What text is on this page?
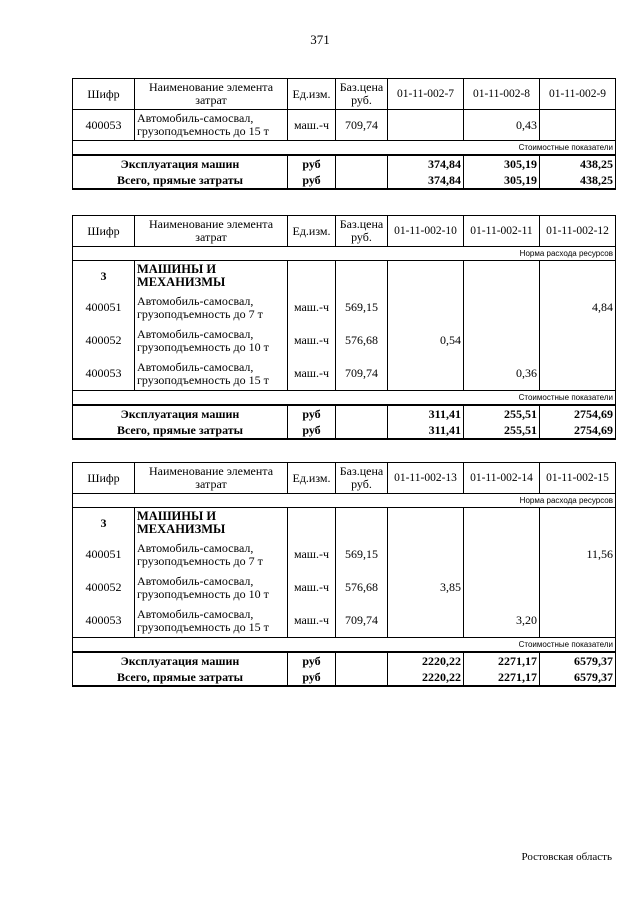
371
Шифр	Наименование элемента затрат	Ед.изм.	Баз.цена руб.	01-11-002-7	01-11-002-8	01-11-002-9
400053	Автомобиль-самосвал, грузоподъемность до 15 т	маш.-ч	709,74		0,43	
Стоимостные показатели						
Эксплуатация машин		руб		374,84	305,19	438,25
Всего, прямые затраты		руб		374,84	305,19	438,25
Шифр	Наименование элемента затрат	Ед.изм.	Баз.цена руб.	01-11-002-10	01-11-002-11	01-11-002-12
Норма расхода ресурсов						
3	МАШИНЫ И МЕХАНИЗМЫ					
400051	Автомобиль-самосвал, грузоподъемность до 7 т	маш.-ч	569,15			4,84
400052	Автомобиль-самосвал, грузоподъемность до 10 т	маш.-ч	576,68	0,54		
400053	Автомобиль-самосвал, грузоподъемность до 15 т	маш.-ч	709,74		0,36	
Стоимостные показатели						
Эксплуатация машин		руб		311,41	255,51	2754,69
Всего, прямые затраты		руб		311,41	255,51	2754,69
Шифр	Наименование элемента затрат	Ед.изм.	Баз.цена руб.	01-11-002-13	01-11-002-14	01-11-002-15
Норма расхода ресурсов						
3	МАШИНЫ И МЕХАНИЗМЫ					
400051	Автомобиль-самосвал, грузоподъемность до 7 т	маш.-ч	569,15			11,56
400052	Автомобиль-самосвал, грузоподъемность до 10 т	маш.-ч	576,68	3,85		
400053	Автомобиль-самосвал, грузоподъемность до 15 т	маш.-ч	709,74		3,20	
Стоимостные показатели						
Эксплуатация машин		руб		2220,22	2271,17	6579,37
Всего, прямые затраты		руб		2220,22	2271,17	6579,37
Ростовская область
